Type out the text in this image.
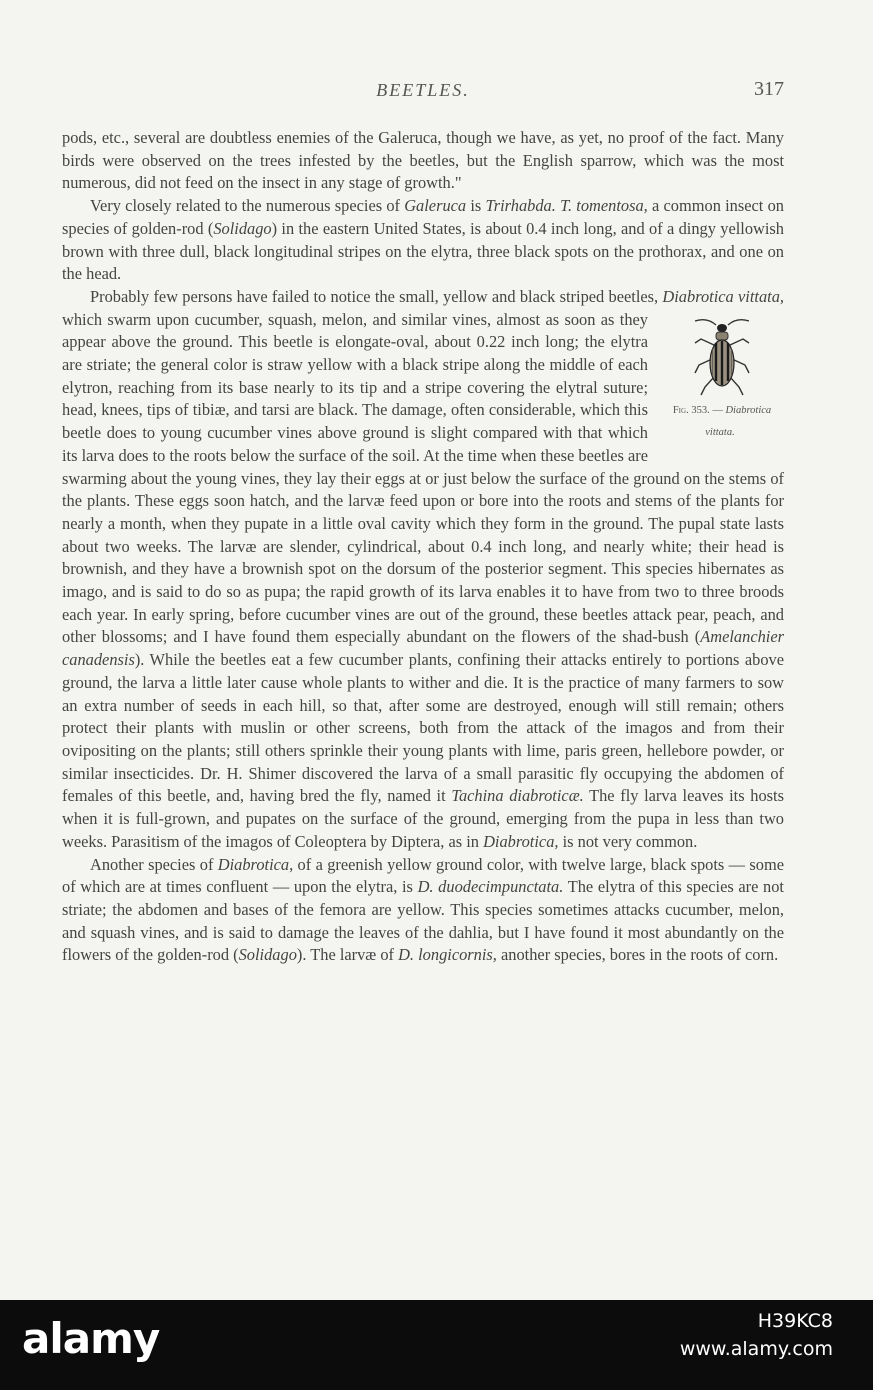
BEETLES.	317

pods, etc., several are doubtless enemies of the Galeruca, though we have, as yet, no proof of the fact. Many birds were observed on the trees infested by the beetles, but the English sparrow, which was the most numerous, did not feed on the insect in any stage of growth."

Very closely related to the numerous species of Galeruca is Trirhabda. T. tomentosa, a common insect on species of golden-rod (Solidago) in the eastern United States, is about 0.4 inch long, and of a dingy yellowish brown with three dull, black longitudinal stripes on the elytra, three black spots on the prothorax, and one on the head.

Probably few persons have failed to notice the small, yellow and black striped beetles, Diabrotica vittata,
Fig. 353. — Diabrotica vittata.
which swarm upon cucumber, squash, melon, and similar vines, almost as soon as they appear above the ground. This beetle is elongate-oval, about 0.22 inch long; the elytra are striate; the general color is straw yellow with a black stripe along the middle of each elytron, reaching from its base nearly to its tip and a stripe covering the elytral suture; head, knees, tips of tibiæ, and tarsi are black. The damage, often considerable, which this beetle does to young cucumber vines above ground is slight compared with that which its larva does to the roots below the surface of the soil. At the time when these beetles are swarming about the young vines, they lay their eggs at or just below the surface of the ground on the stems of the plants. These eggs soon hatch, and the larvæ feed upon or bore into the roots and stems of the plants for nearly a month, when they pupate in a little oval cavity which they form in the ground. The pupal state lasts about two weeks. The larvæ are slender, cylindrical, about 0.4 inch long, and nearly white; their head is brownish, and they have a brownish spot on the dorsum of the posterior segment. This species hibernates as imago, and is said to do so as pupa; the rapid growth of its larva enables it to have from two to three broods each year. In early spring, before cucumber vines are out of the ground, these beetles attack pear, peach, and other blossoms; and I have found them especially abundant on the flowers of the shad-bush (Amelanchier canadensis). While the beetles eat a few cucumber plants, confining their attacks entirely to portions above ground, the larva a little later cause whole plants to wither and die. It is the practice of many farmers to sow an extra number of seeds in each hill, so that, after some are destroyed, enough will still remain; others protect their plants with muslin or other screens, both from the attack of the imagos and from their ovipositing on the plants; still others sprinkle their young plants with lime, paris green, hellebore powder, or similar insecticides. Dr. H. Shimer discovered the larva of a small parasitic fly occupying the abdomen of females of this beetle, and, having bred the fly, named it Tachina diabroticæ. The fly larva leaves its hosts when it is full-grown, and pupates on the surface of the ground, emerging from the pupa in less than two weeks. Parasitism of the imagos of Coleoptera by Diptera, as in Diabrotica, is not very common.

Another species of Diabrotica, of a greenish yellow ground color, with twelve large, black spots — some of which are at times confluent — upon the elytra, is D. duodecimpunctata. The elytra of this species are not striate; the abdomen and bases of the femora are yellow. This species sometimes attacks cucumber, melon, and squash vines, and is said to damage the leaves of the dahlia, but I have found it most abundantly on the flowers of the golden-rod (Solidago). The larvæ of D. longicornis, another species, bores in the roots of corn.

alamy	H39KC8
www.alamy.com
